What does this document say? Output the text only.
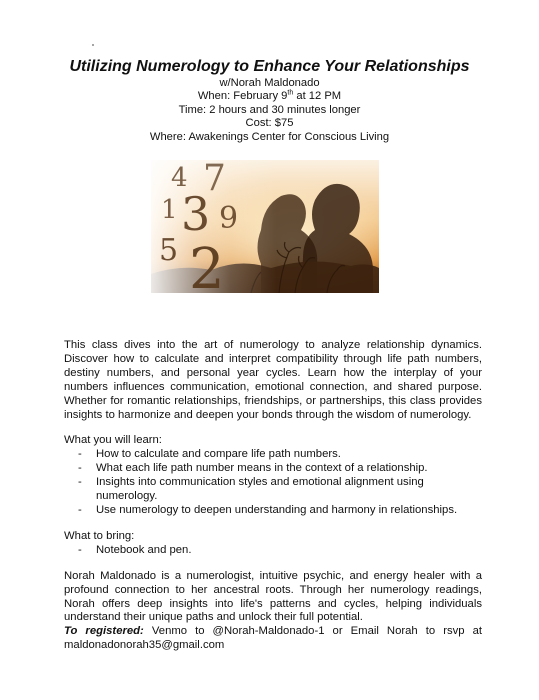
Utilizing Numerology to Enhance Your Relationships

w/Norah Maldonado

When: February 9th at 12 PM

Time: 2 hours and 30 minutes longer

Cost: $75

Where: Awakenings Center for Conscious Living

4 7
1 3 9
5 2

This class dives into the art of numerology to analyze relationship dynamics. Discover how to calculate and interpret compatibility through life path numbers, destiny numbers, and personal year cycles. Learn how the interplay of your numbers influences communication, emotional connection, and shared purpose. Whether for romantic relationships, friendships, or partnerships, this class provides insights to harmonize and deepen your bonds through the wisdom of numerology.

What you will learn:
- How to calculate and compare life path numbers.
- What each life path number means in the context of a relationship.
- Insights into communication styles and emotional alignment using numerology.
- Use numerology to deepen understanding and harmony in relationships.
What to bring:
- Notebook and pen.

Norah Maldonado is a numerologist, intuitive psychic, and energy healer with a profound connection to her ancestral roots. Through her numerology readings, Norah offers deep insights into life's patterns and cycles, helping individuals understand their unique paths and unlock their full potential.

To registered: Venmo to @Norah-Maldonado-1 or Email Norah to rsvp at maldonadonorah35@gmail.com
